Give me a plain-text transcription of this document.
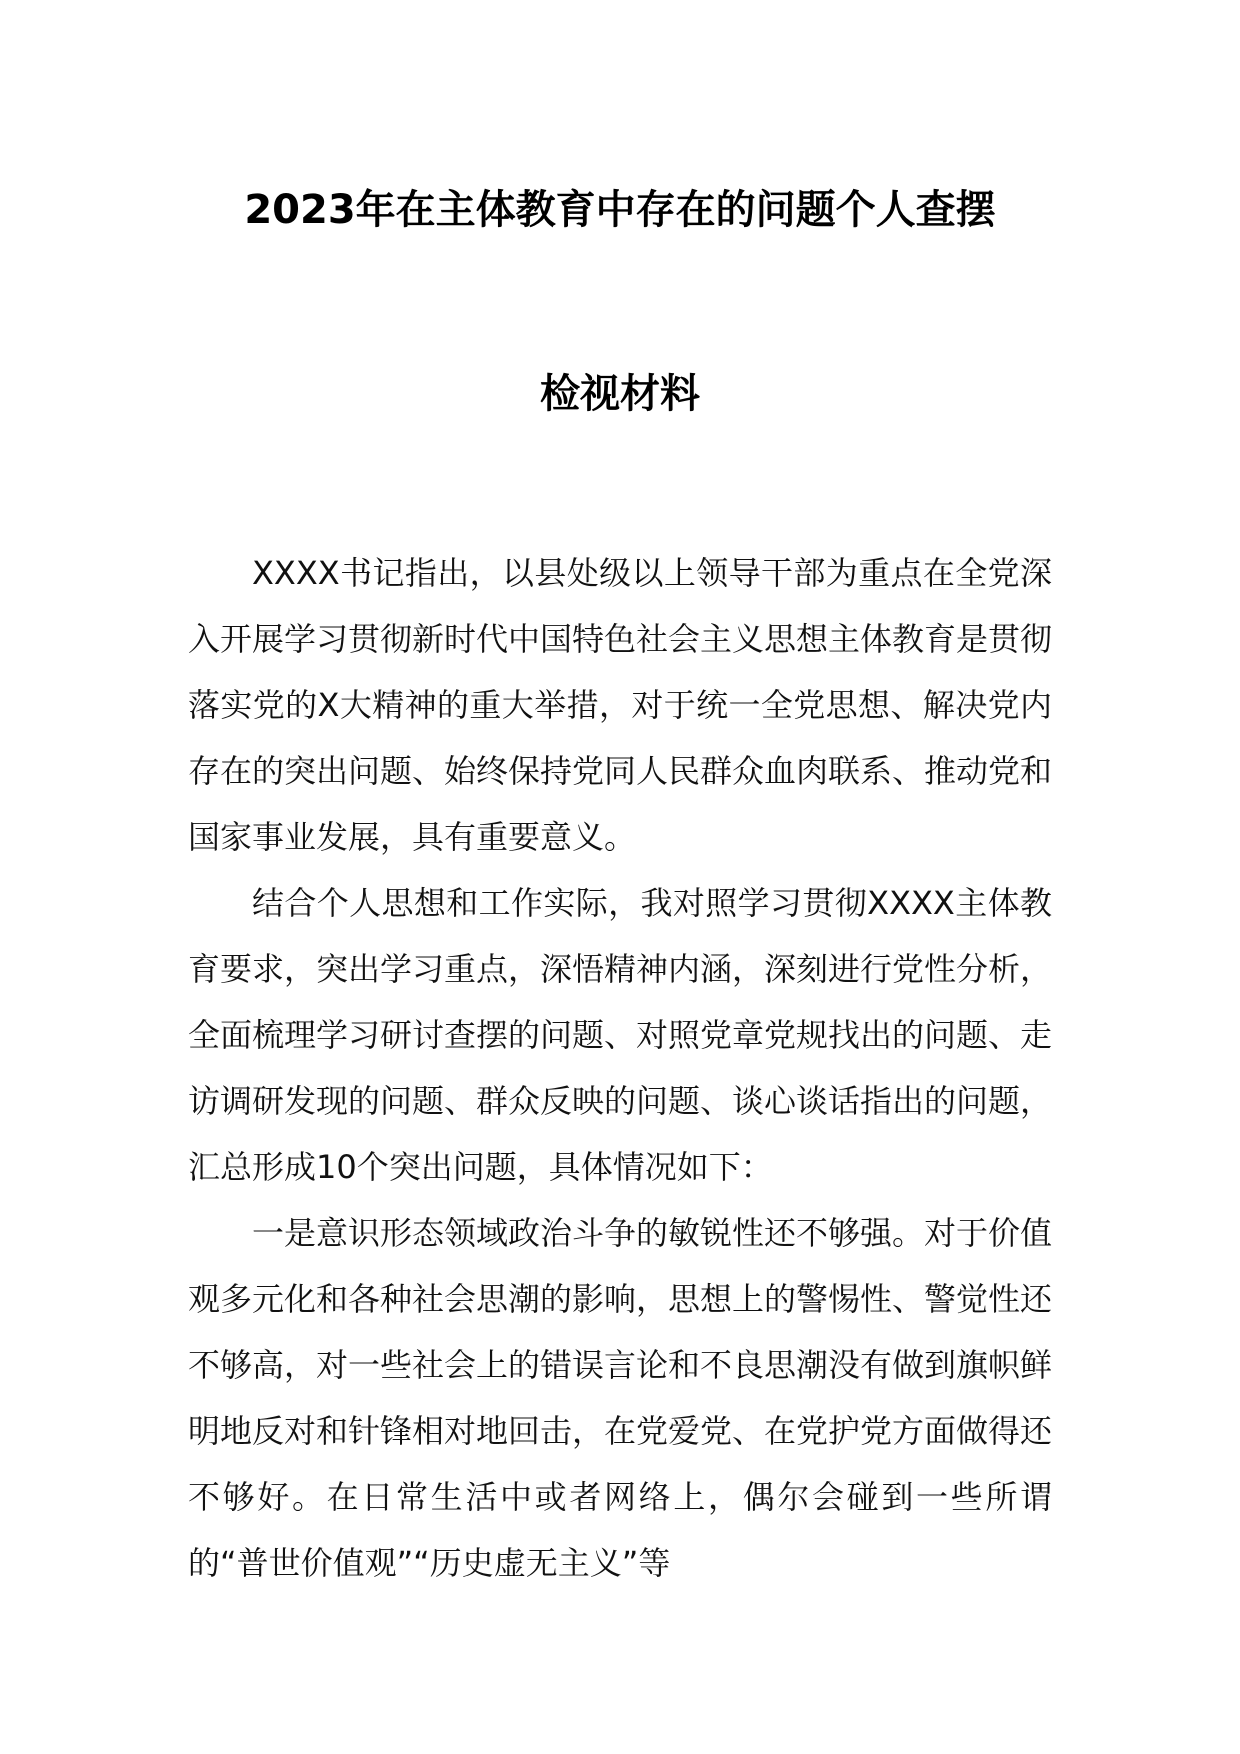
2023年在主体教育中存在的问题个人查摆
检视材料

XXXX书记指出，以县处级以上领导干部为重点在全党深入开展学习贯彻新时代中国特色社会主义思想主体教育是贯彻落实党的X大精神的重大举措，对于统一全党思想、解决党内存在的突出问题、始终保持党同人民群众血肉联系、推动党和国家事业发展，具有重要意义。

结合个人思想和工作实际，我对照学习贯彻XXXX主体教育要求，突出学习重点，深悟精神内涵，深刻进行党性分析，全面梳理学习研讨查摆的问题、对照党章党规找出的问题、走访调研发现的问题、群众反映的问题、谈心谈话指出的问题，汇总形成10个突出问题，具体情况如下：

一是意识形态领域政治斗争的敏锐性还不够强。对于价值观多元化和各种社会思潮的影响，思想上的警惕性、警觉性还不够高，对一些社会上的错误言论和不良思潮没有做到旗帜鲜明地反对和针锋相对地回击，在党爱党、在党护党方面做得还不够好。在日常生活中或者网络上，偶尔会碰到一些所谓的“普世价值观”“历史虚无主义”等
